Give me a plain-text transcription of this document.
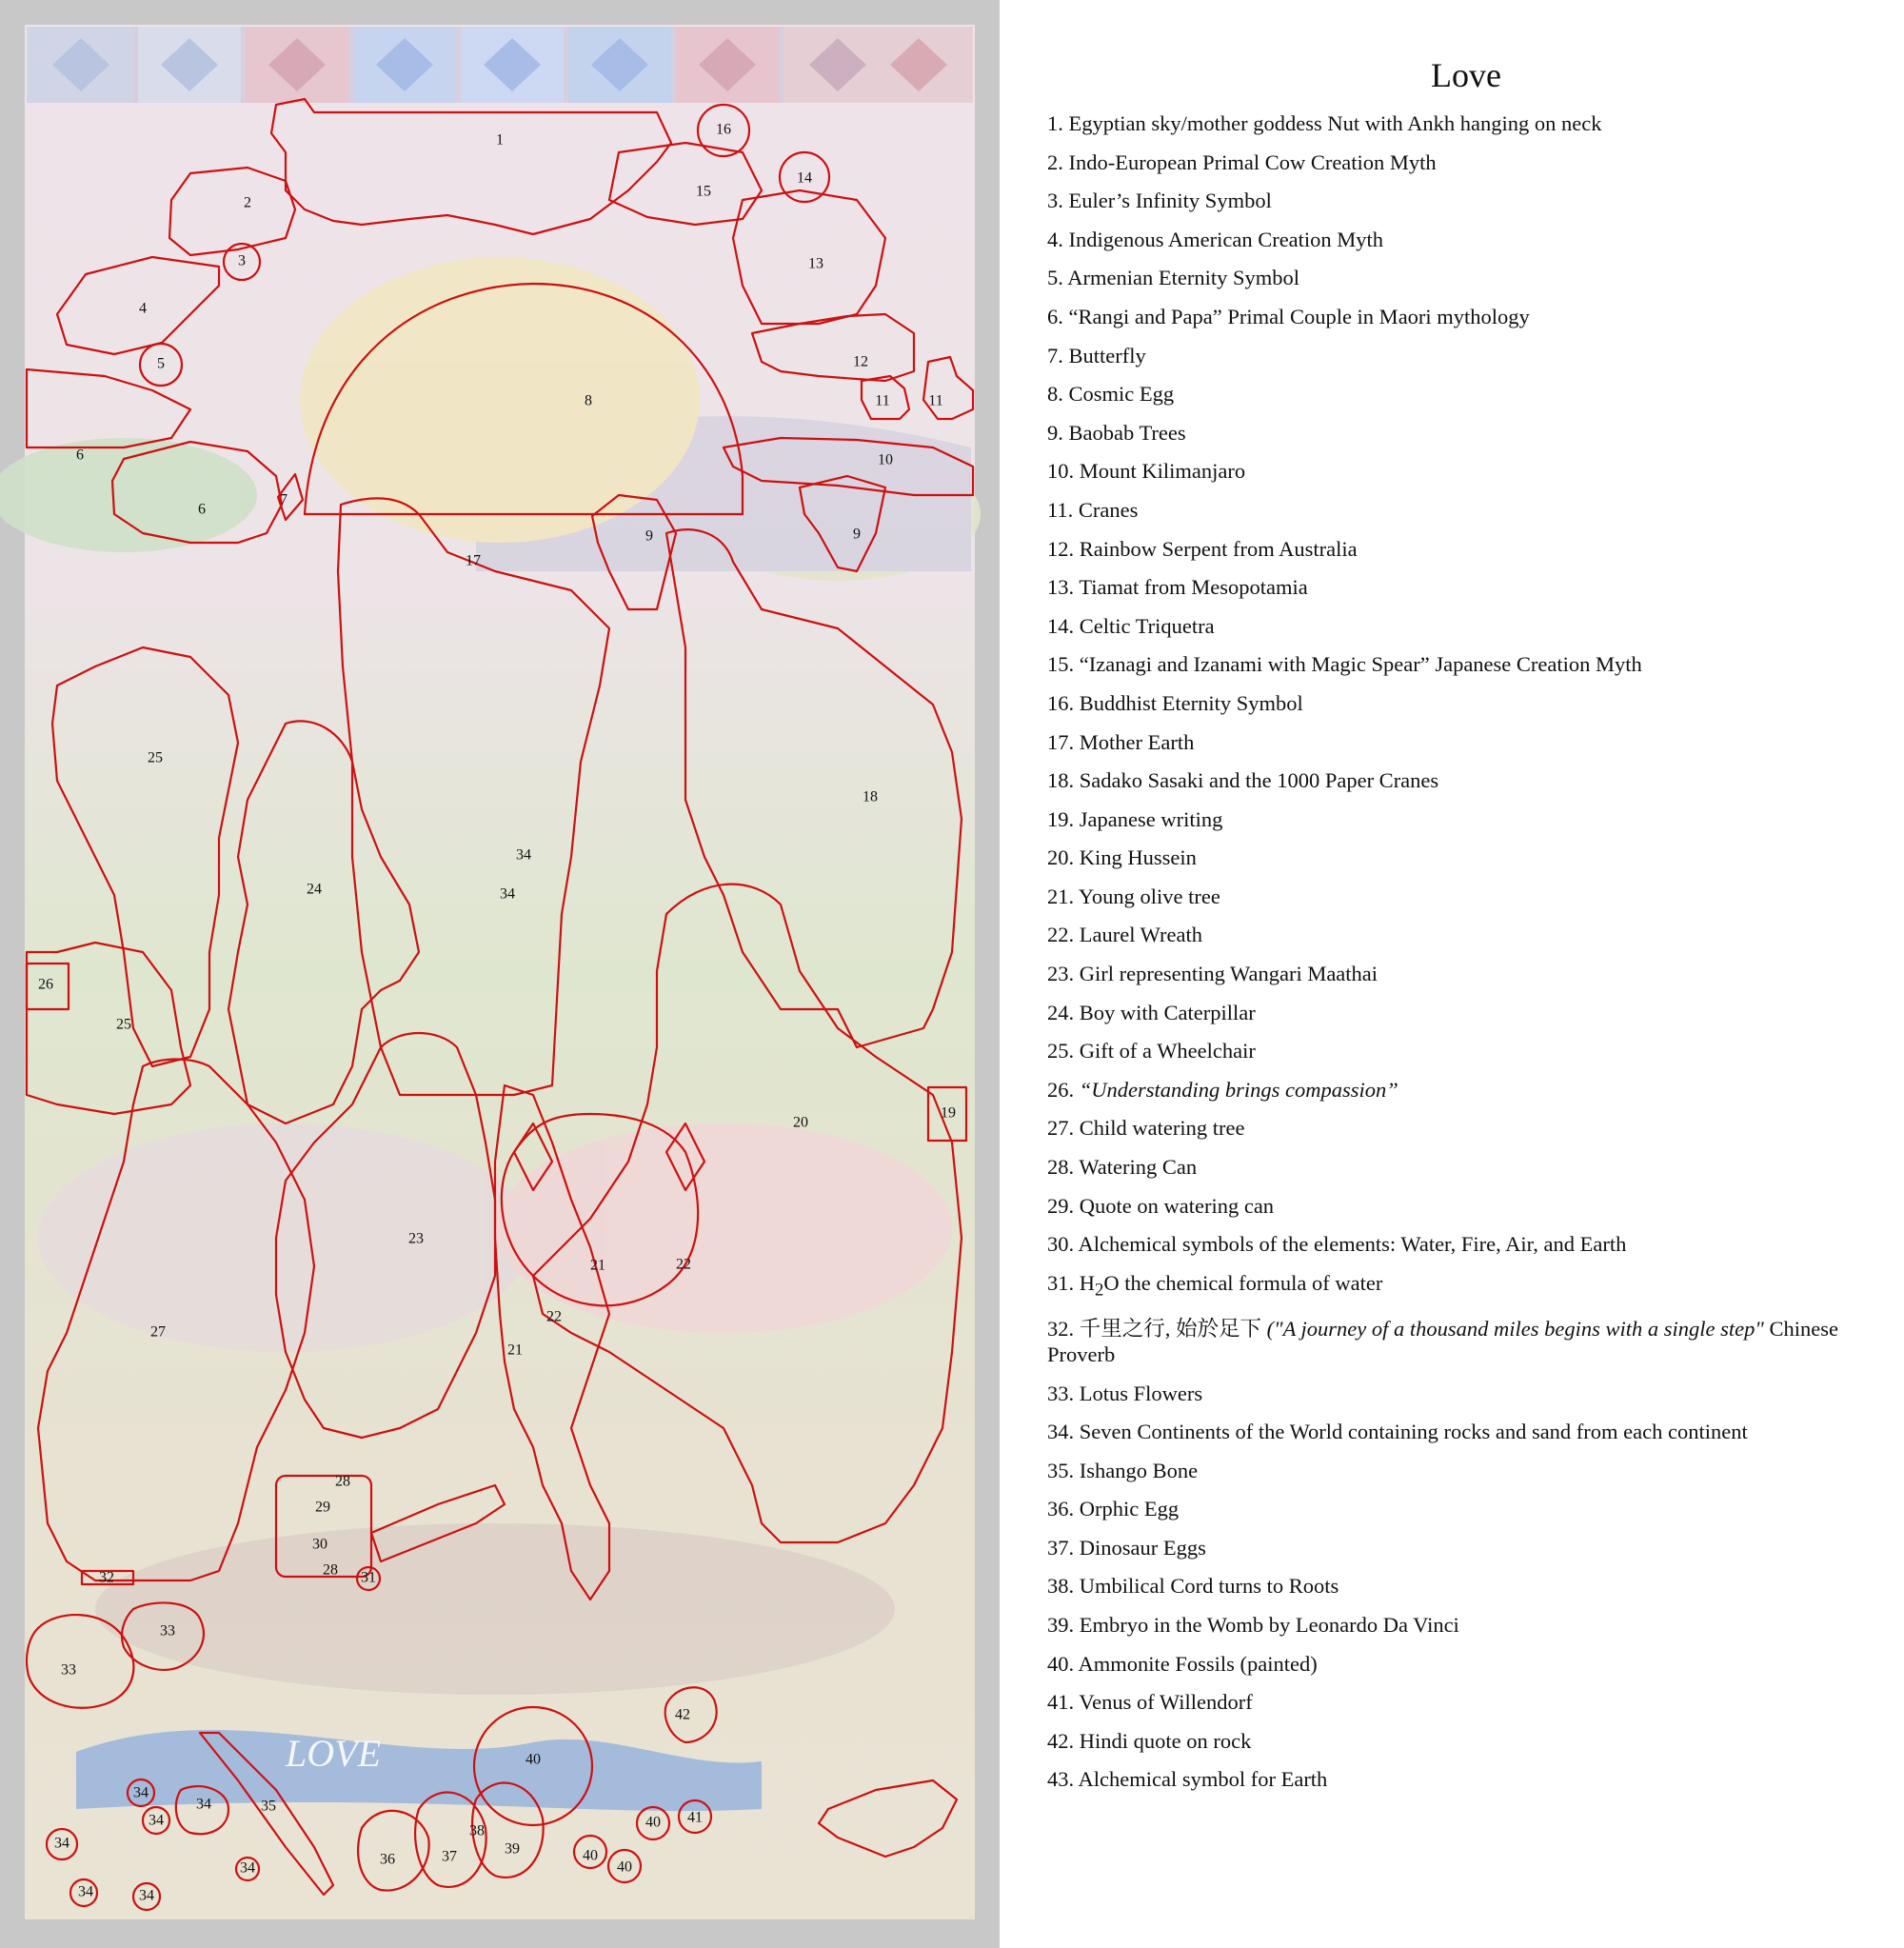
LOVE
1
2
3
4
5
6
6
7
8
9	9
10
11	11
12
13
14
15
16
17
18
19
20
21
21
22
22
23
24
25
25
26
27
28
28
29
30
31
32
33
33
34
34
34
34
34
34
34	34
34
35
36	37
38
39
40
40
40
40 41
42
Love
1. Egyptian sky/mother goddess Nut with Ankh hanging on neck
2. Indo-European Primal Cow Creation Myth
3. Euler’s Infinity Symbol
4. Indigenous American Creation Myth
5. Armenian Eternity Symbol
6. “Rangi and Papa” Primal Couple in Maori mythology
7. Butterfly
8. Cosmic Egg
9. Baobab Trees
10. Mount Kilimanjaro
11. Cranes
12. Rainbow Serpent from Australia
13. Tiamat from Mesopotamia
14. Celtic Triquetra
15. “Izanagi and Izanami with Magic Spear” Japanese Creation Myth
16. Buddhist Eternity Symbol
17. Mother Earth
18. Sadako Sasaki and the 1000 Paper Cranes
19. Japanese writing
20. King Hussein
21. Young olive tree
22. Laurel Wreath
23. Girl representing Wangari Maathai
24. Boy with Caterpillar
25. Gift of a Wheelchair
26. “Understanding brings compassion”
27. Child watering tree
28. Watering Can
29. Quote on watering can
30. Alchemical symbols of the elements: Water, Fire, Air, and Earth
31. $H_2O$ the chemical formula of water
32. 千里之行, 始於足下 ("A journey of a thousand miles begins with a single step" Chinese Proverb
33. Lotus Flowers
34. Seven Continents of the World containing rocks and sand from each continent
35. Ishango Bone
36. Orphic Egg
37. Dinosaur Eggs
38. Umbilical Cord turns to Roots
39. Embryo in the Womb by Leonardo Da Vinci
40. Ammonite Fossils (painted)
41. Venus of Willendorf
42. Hindi quote on rock
43. Alchemical symbol for Earth
